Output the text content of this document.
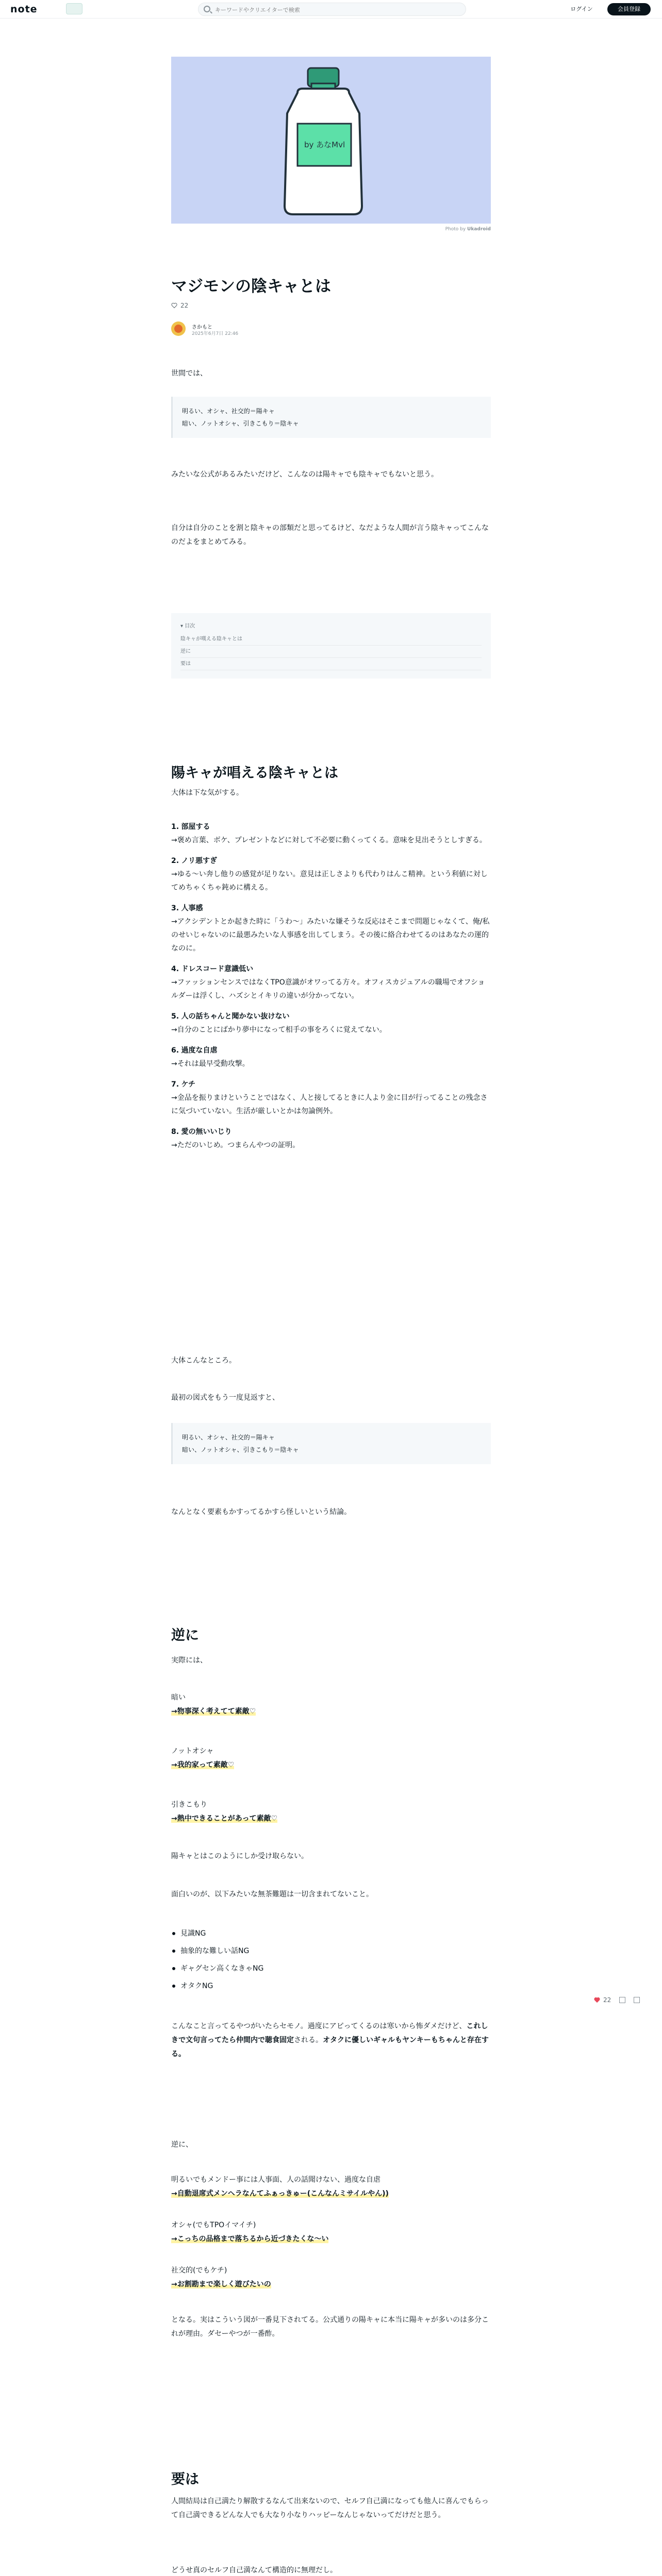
note
キーワードやクリエイターで検索	ログイン	会員登録
by あなMvl
Photo by Ukadroid
マジモンの陰キャとは
22
さかもと
2025年6月7日 22:46
世間では、
明るい、オシャ、社交的＝陽キャ
暗い、ノットオシャ、引きこもり＝陰キャ
みたいな公式があるみたいだけど、こんなのは陽キャでも陰キャでもないと思う。
自分は自分のことを割と陰キャの部類だと思ってるけど、なだような人間が言う陰キャってこんなのだよをまとめてみる。
▾ 目次
陰キャが嘆える陰キャとは
逆に
要は
陽キャが唱える陰キャとは
大体は下な気がする。
1. 部屋する
→褒め言葉、ボケ、プレゼントなどに対して不必要に動くってくる。意味を見出そうとしすぎる。
2. ノリ悪すぎ
→ゆる〜い奔し他りの感覚が足りない。意見は正しさよりも代わりはんこ精神。という利値に対してめちゃくちゃ鈍めに構える。
3. 人事感
→アクシデントとか起きた時に「うわ〜」みたいな嫌そうな反応はそこまで問題じゃなくて、俺/私のせいじゃないのに最悪みたいな人事感を出してしまう。その後に絡合わせてるのはあなたの運的なのに。
4. ドレスコード意識低い
→ファッションセンスではなくTPO意識がオワってる方々。オフィスカジュアルの職場でオフショルダーは浮くし、ハズシとイキリの違いが分かってない。
5. 人の話ちゃんと聞かない抜けない
→自分のことにばかり夢中になって相手の事をろくに覚えてない。
6. 過度な自虐
→それは最早受動攻撃。
7. ケチ
→金品を振りまけということではなく、人と接してるときに人より金に目が行ってることの残念さに気づいていない。生活が厳しいとかは勿論例外。
8. 愛の無いいじり
→ただのいじめ。つまらんやつの証明。
大体こんなところ。
最初の図式をもう一度見返すと、
明るい、オシャ、社交的＝陽キャ
暗い、ノットオシャ、引きこもり＝陰キャ
なんとなく要素もかすってるかすら怪しいという結論。
逆に
実際には、
暗い
→物事深く考えてて素敵♡
ノットオシャ
→我的家って素敵♡
引きこもり
→熱中できることがあって素敵♡
陽キャとはこのようにしか受け取らない。
面白いのが、以下みたいな無茶難題は一切含まれてないこと。
見識NG
抽象的な難しい話NG
ギャグセン高くなきゃNG
オタクNG
こんなこと言ってるやつがいたらセモノ。過度にアピってくるのは寒いから怖ダメだけど、これしきで文句言ってたら仲間内で聴食固定される。オタクに優しいギャルもヤンキーもちゃんと存在する。
逆に、
明るいでもメンドー事には人事面、人の話聞けない、過度な自虐
→自動退席式メンヘラなんてふぁっきゅー(こんなんミサイルやん))
オシャ(でもTPOイマイチ)
→こっちの品格まで落ちるから近づきたくな〜い
社交的(でもケチ)
→お割勘まで楽しく遊びたいの
となる。実はこういう図が一番見下されてる。公式通りの陽キャに本当に陽キャが多いのは多分これが理由。ダセーやつが一番酢。
要は
人間結局は自己満たり解散するなんて出来ないので、セルフ自己満になっても他人に喜んでもらって自己満できるどんな人でも大なり小なりハッピーなんじゃないってだけだと思う。
どうせ真のセルフ自己満なんて構造的に無理だし。
22
